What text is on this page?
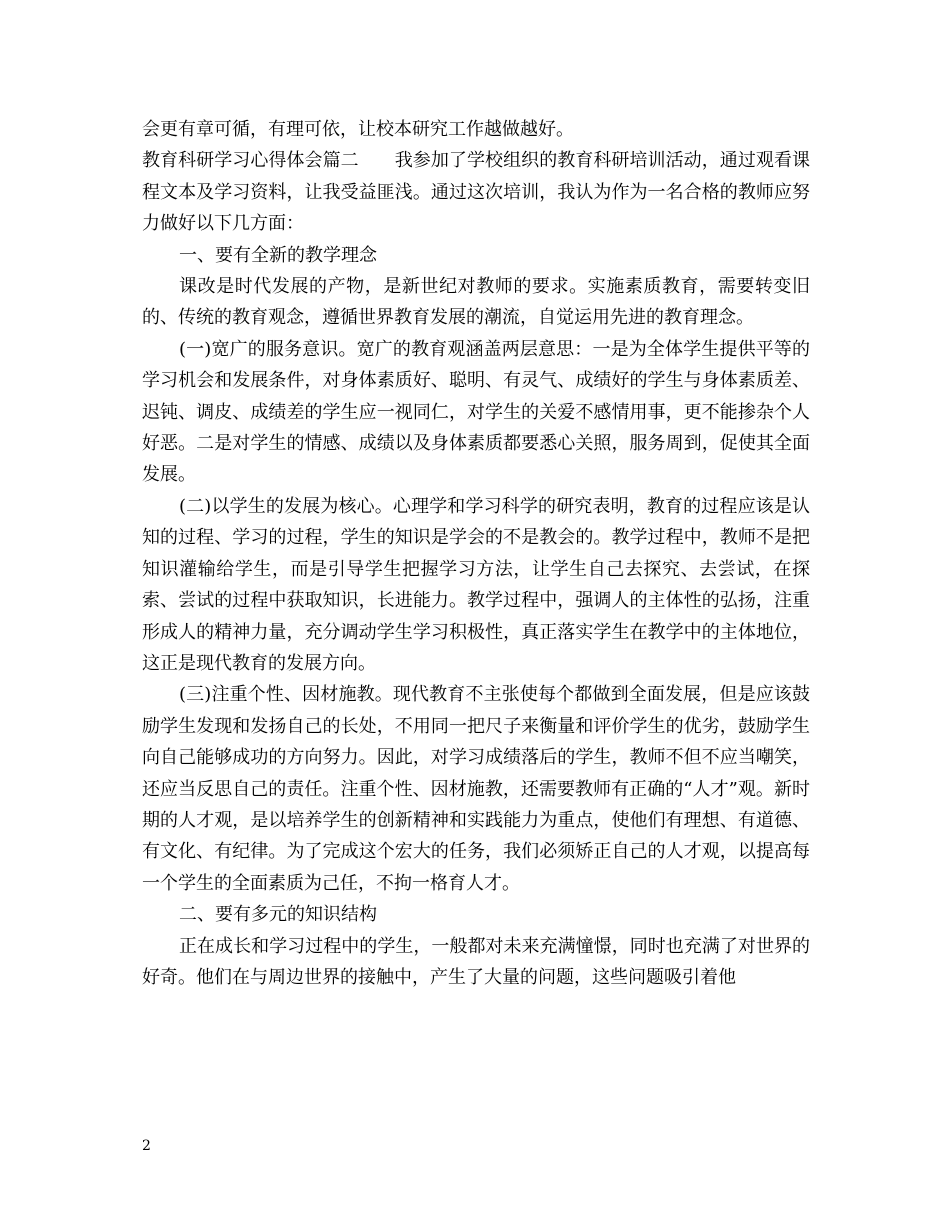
会更有章可循，有理可依，让校本研究工作越做越好。

教育科研学习心得体会篇二 我参加了学校组织的教育科研培训活动，通过观看课程文本及学习资料，让我受益匪浅。通过这次培训，我认为作为一名合格的教师应努力做好以下几方面：

一、要有全新的教学理念

课改是时代发展的产物，是新世纪对教师的要求。实施素质教育，需要转变旧的、传统的教育观念，遵循世界教育发展的潮流，自觉运用先进的教育理念。

(一)宽广的服务意识。宽广的教育观涵盖两层意思：一是为全体学生提供平等的学习机会和发展条件，对身体素质好、聪明、有灵气、成绩好的学生与身体素质差、迟钝、调皮、成绩差的学生应一视同仁，对学生的关爱不感情用事，更不能掺杂个人好恶。二是对学生的情感、成绩以及身体素质都要悉心关照，服务周到，促使其全面发展。

(二)以学生的发展为核心。心理学和学习科学的研究表明，教育的过程应该是认知的过程、学习的过程，学生的知识是学会的不是教会的。教学过程中，教师不是把知识灌输给学生，而是引导学生把握学习方法，让学生自己去探究、去尝试，在探索、尝试的过程中获取知识，长进能力。教学过程中，强调人的主体性的弘扬，注重形成人的精神力量，充分调动学生学习积极性，真正落实学生在教学中的主体地位，这正是现代教育的发展方向。

(三)注重个性、因材施教。现代教育不主张使每个都做到全面发展，但是应该鼓励学生发现和发扬自己的长处，不用同一把尺子来衡量和评价学生的优劣，鼓励学生向自己能够成功的方向努力。因此，对学习成绩落后的学生，教师不但不应当嘲笑，还应当反思自己的责任。注重个性、因材施教，还需要教师有正确的“人才”观。新时期的人才观，是以培养学生的创新精神和实践能力为重点，使他们有理想、有道德、有文化、有纪律。为了完成这个宏大的任务，我们必须矫正自己的人才观，以提高每一个学生的全面素质为己任，不拘一格育人才。

二、要有多元的知识结构

正在成长和学习过程中的学生，一般都对未来充满憧憬，同时也充满了对世界的好奇。他们在与周边世界的接触中，产生了大量的问题，这些问题吸引着他

2
